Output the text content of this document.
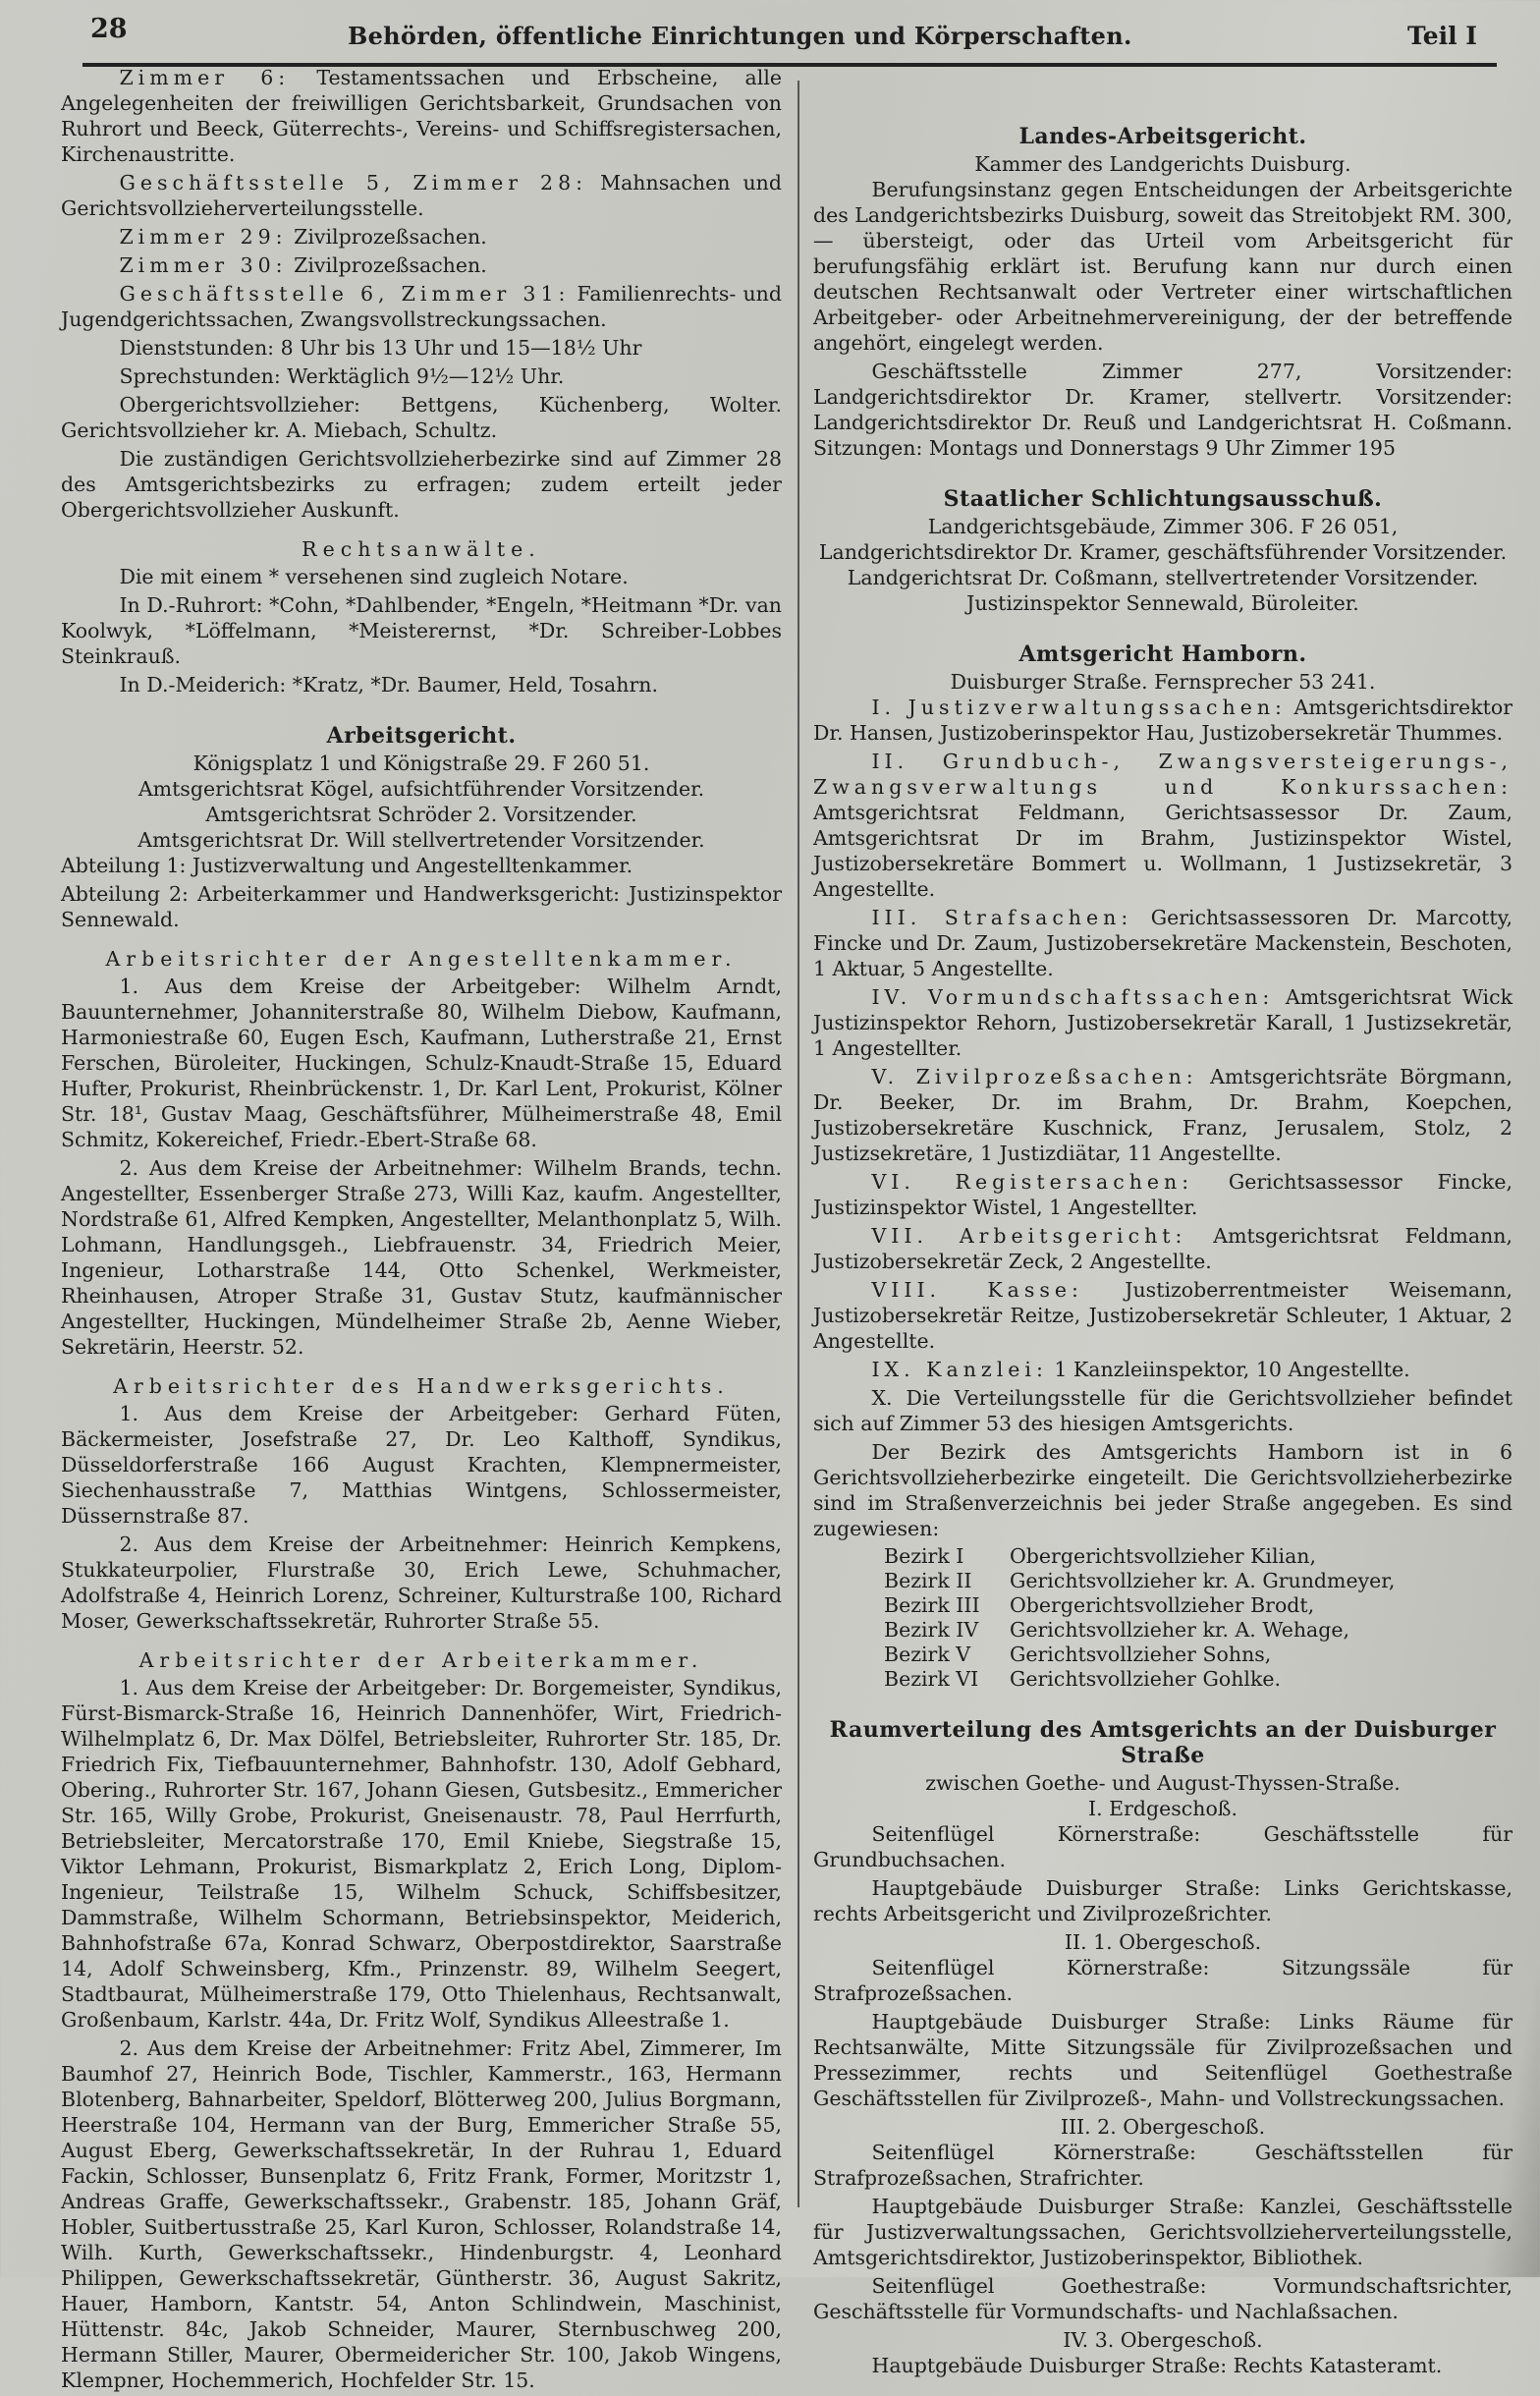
28	Behörden, öffentliche Einrichtungen und Körperschaften.	Teil I

Zimmer 6: Testamentssachen und Erbscheine, alle Angelegenheiten der freiwilligen Gerichtsbarkeit, Grundsachen von Ruhrort und Beeck, Güterrechts-, Vereins- und Schiffsregistersachen, Kirchenaustritte.

Geschäftsstelle 5, Zimmer 28: Mahnsachen und Gerichtsvollzieherverteilungsstelle.

Zimmer 29: Zivilprozeßsachen.

Zimmer 30: Zivilprozeßsachen.

Geschäftsstelle 6, Zimmer 31: Familienrechts- und Jugendgerichtssachen, Zwangsvollstreckungssachen.

Dienststunden: 8 Uhr bis 13 Uhr und 15—18½ Uhr

Sprechstunden: Werktäglich 9½—12½ Uhr.

Obergerichtsvollzieher: Bettgens, Küchenberg, Wolter. Gerichtsvollzieher kr. A. Miebach, Schultz.

Die zuständigen Gerichtsvollzieherbezirke sind auf Zimmer 28 des Amtsgerichtsbezirks zu erfragen; zudem erteilt jeder Obergerichtsvollzieher Auskunft.

Rechtsanwälte.

Die mit einem * versehenen sind zugleich Notare.

In D.-Ruhrort: *Cohn, *Dahlbender, *Engeln, *Heitmann *Dr. van Koolwyk, *Löffelmann, *Meisterernst, *Dr. Schreiber-Lobbes Steinkrauß.

In D.-Meiderich: *Kratz, *Dr. Baumer, Held, Tosahrn.

Arbeitsgericht.
Königsplatz 1 und Königstraße 29. F 260 51.
Amtsgerichtsrat Kögel, aufsichtführender Vorsitzender.
Amtsgerichtsrat Schröder 2. Vorsitzender.
Amtsgerichtsrat Dr. Will stellvertretender Vorsitzender.
Abteilung 1: Justizverwaltung und Angestelltenkammer.
Abteilung 2: Arbeiterkammer und Handwerksgericht: Justizinspektor Sennewald.
Arbeitsrichter der Angestelltenkammer.

1. Aus dem Kreise der Arbeitgeber: Wilhelm Arndt, Bauunternehmer, Johanniterstraße 80, Wilhelm Diebow, Kaufmann, Harmoniestraße 60, Eugen Esch, Kaufmann, Lutherstraße 21, Ernst Ferschen, Büroleiter, Huckingen, Schulz-Knaudt-Straße 15, Eduard Hufter, Prokurist, Rheinbrückenstr. 1, Dr. Karl Lent, Prokurist, Kölner Str. 18¹, Gustav Maag, Geschäftsführer, Mülheimerstraße 48, Emil Schmitz, Kokereichef, Friedr.-Ebert-Straße 68.

2. Aus dem Kreise der Arbeitnehmer: Wilhelm Brands, techn. Angestellter, Essenberger Straße 273, Willi Kaz, kaufm. Angestellter, Nordstraße 61, Alfred Kempken, Angestellter, Melanthonplatz 5, Wilh. Lohmann, Handlungsgeh., Liebfrauenstr. 34, Friedrich Meier, Ingenieur, Lotharstraße 144, Otto Schenkel, Werkmeister, Rheinhausen, Atroper Straße 31, Gustav Stutz, kaufmännischer Angestellter, Huckingen, Mündelheimer Straße 2b, Aenne Wieber, Sekretärin, Heerstr. 52.

Arbeitsrichter des Handwerksgerichts.

1. Aus dem Kreise der Arbeitgeber: Gerhard Füten, Bäckermeister, Josefstraße 27, Dr. Leo Kalthoff, Syndikus, Düsseldorferstraße 166 August Krachten, Klempnermeister, Siechenhausstraße 7, Matthias Wintgens, Schlossermeister, Düssernstraße 87.

2. Aus dem Kreise der Arbeitnehmer: Heinrich Kempkens, Stukkateurpolier, Flurstraße 30, Erich Lewe, Schuhmacher, Adolfstraße 4, Heinrich Lorenz, Schreiner, Kulturstraße 100, Richard Moser, Gewerkschaftssekretär, Ruhrorter Straße 55.

Arbeitsrichter der Arbeiterkammer.

1. Aus dem Kreise der Arbeitgeber: Dr. Borgemeister, Syndikus, Fürst-Bismarck-Straße 16, Heinrich Dannenhöfer, Wirt, Friedrich-Wilhelmplatz 6, Dr. Max Dölfel, Betriebsleiter, Ruhrorter Str. 185, Dr. Friedrich Fix, Tiefbauunternehmer, Bahnhofstr. 130, Adolf Gebhard, Obering., Ruhrorter Str. 167, Johann Giesen, Gutsbesitz., Emmericher Str. 165, Willy Grobe, Prokurist, Gneisenaustr. 78, Paul Herrfurth, Betriebsleiter, Mercatorstraße 170, Emil Kniebe, Siegstraße 15, Viktor Lehmann, Prokurist, Bismarkplatz 2, Erich Long, Diplom-Ingenieur, Teilstraße 15, Wilhelm Schuck, Schiffsbesitzer, Dammstraße, Wilhelm Schormann, Betriebsinspektor, Meiderich, Bahnhofstraße 67a, Konrad Schwarz, Oberpostdirektor, Saarstraße 14, Adolf Schweinsberg, Kfm., Prinzenstr. 89, Wilhelm Seegert, Stadtbaurat, Mülheimerstraße 179, Otto Thielenhaus, Rechtsanwalt, Großenbaum, Karlstr. 44a, Dr. Fritz Wolf, Syndikus Alleestraße 1.

2. Aus dem Kreise der Arbeitnehmer: Fritz Abel, Zimmerer, Im Baumhof 27, Heinrich Bode, Tischler, Kammerstr., 163, Hermann Blotenberg, Bahnarbeiter, Speldorf, Blötterweg 200, Julius Borgmann, Heerstraße 104, Hermann van der Burg, Emmericher Straße 55, August Eberg, Gewerkschaftssekretär, In der Ruhrau 1, Eduard Fackin, Schlosser, Bunsenplatz 6, Fritz Frank, Former, Moritzstr 1, Andreas Graffe, Gewerkschaftssekr., Grabenstr. 185, Johann Gräf, Hobler, Suitbertusstraße 25, Karl Kuron, Schlosser, Rolandstraße 14, Wilh. Kurth, Gewerkschaftssekr., Hindenburgstr. 4, Leonhard Philippen, Gewerkschaftssekretär, Güntherstr. 36, August Sakritz, Hauer, Hamborn, Kantstr. 54, Anton Schlindwein, Maschinist, Hüttenstr. 84c, Jakob Schneider, Maurer, Sternbuschweg 200, Hermann Stiller, Maurer, Obermeidericher Str. 100, Jakob Wingens, Klempner, Hochemmerich, Hochfelder Str. 15.

Landes-Arbeitsgericht.
Kammer des Landgerichts Duisburg.

Berufungsinstanz gegen Entscheidungen der Arbeitsgerichte des Landgerichtsbezirks Duisburg, soweit das Streitobjekt RM. 300,— übersteigt, oder das Urteil vom Arbeitsgericht für berufungsfähig erklärt ist. Berufung kann nur durch einen deutschen Rechtsanwalt oder Vertreter einer wirtschaftlichen Arbeitgeber- oder Arbeitnehmervereinigung, der der betreffende angehört, eingelegt werden.

Geschäftsstelle Zimmer 277, Vorsitzender: Landgerichtsdirektor Dr. Kramer, stellvertr. Vorsitzender: Landgerichtsdirektor Dr. Reuß und Landgerichtsrat H. Coßmann. Sitzungen: Montags und Donnerstags 9 Uhr Zimmer 195

Staatlicher Schlichtungsausschuß.
Landgerichtsgebäude, Zimmer 306. F 26 051,
Landgerichtsdirektor Dr. Kramer, geschäftsführender Vorsitzender.
Landgerichtsrat Dr. Coßmann, stellvertretender Vorsitzender.
Justizinspektor Sennewald, Büroleiter.
Amtsgericht Hamborn.
Duisburger Straße. Fernsprecher 53 241.

I. Justizverwaltungssachen: Amtsgerichtsdirektor Dr. Hansen, Justizoberinspektor Hau, Justizobersekretär Thummes.

II. Grundbuch-, Zwangsversteigerungs-, Zwangsverwaltungs und Konkurssachen: Amtsgerichtsrat Feldmann, Gerichtsassessor Dr. Zaum, Amtsgerichtsrat Dr im Brahm, Justizinspektor Wistel, Justizobersekretäre Bommert u. Wollmann, 1 Justizsekretär, 3 Angestellte.

III. Strafsachen: Gerichtsassessoren Dr. Marcotty, Fincke und Dr. Zaum, Justizobersekretäre Mackenstein, Beschoten, 1 Aktuar, 5 Angestellte.

IV. Vormundschaftssachen: Amtsgerichtsrat Wick Justizinspektor Rehorn, Justizobersekretär Karall, 1 Justizsekretär, 1 Angestellter.

V. Zivilprozeßsachen: Amtsgerichtsräte Börgmann, Dr. Beeker, Dr. im Brahm, Dr. Brahm, Koepchen, Justizobersekretäre Kuschnick, Franz, Jerusalem, Stolz, 2 Justizsekretäre, 1 Justizdiätar, 11 Angestellte.

VI. Registersachen: Gerichtsassessor Fincke, Justizinspektor Wistel, 1 Angestellter.

VII. Arbeitsgericht: Amtsgerichtsrat Feldmann, Justizobersekretär Zeck, 2 Angestellte.

VIII. Kasse: Justizoberrentmeister Weisemann, Justizobersekretär Reitze, Justizobersekretär Schleuter, 1 Aktuar, 2 Angestellte.

IX. Kanzlei: 1 Kanzleiinspektor, 10 Angestellte.

X. Die Verteilungsstelle für die Gerichtsvollzieher befindet sich auf Zimmer 53 des hiesigen Amtsgerichts.

Der Bezirk des Amtsgerichts Hamborn ist in 6 Gerichtsvollzieherbezirke eingeteilt. Die Gerichtsvollzieherbezirke sind im Straßenverzeichnis bei jeder Straße angegeben. Es sind zugewiesen:

Bezirk I	Obergerichtsvollzieher Kilian,
Bezirk II	Gerichtsvollzieher kr. A. Grundmeyer,
Bezirk III	Obergerichtsvollzieher Brodt,
Bezirk IV	Gerichtsvollzieher kr. A. Wehage,
Bezirk V	Gerichtsvollzieher Sohns,
Bezirk VI	Gerichtsvollzieher Gohlke.
Raumverteilung des Amtsgerichts an der Duisburger Straße
zwischen Goethe- und August-Thyssen-Straße.
I. Erdgeschoß.

Seitenflügel Körnerstraße: Geschäftsstelle für Grundbuchsachen.

Hauptgebäude Duisburger Straße: Links Gerichtskasse, rechts Arbeitsgericht und Zivilprozeßrichter.

II. 1. Obergeschoß.

Seitenflügel Körnerstraße: Sitzungssäle für Strafprozeßsachen.

Hauptgebäude Duisburger Straße: Links Räume für Rechtsanwälte, Mitte Sitzungssäle für Zivilprozeßsachen und Pressezimmer, rechts und Seitenflügel Goethestraße Geschäftsstellen für Zivilprozeß-, Mahn- und Vollstreckungssachen.

III. 2. Obergeschoß.

Seitenflügel Körnerstraße: Geschäftsstellen für Strafprozeßsachen, Strafrichter.

Hauptgebäude Duisburger Straße: Kanzlei, Geschäftsstelle für Justizverwaltungssachen, Gerichtsvollzieherverteilungsstelle, Amtsgerichtsdirektor, Justizoberinspektor, Bibliothek.

Seitenflügel Goethestraße: Vormundschaftsrichter, Geschäftsstelle für Vormundschafts- und Nachlaßsachen.

IV. 3. Obergeschoß.

Hauptgebäude Duisburger Straße: Rechts Katasteramt.
